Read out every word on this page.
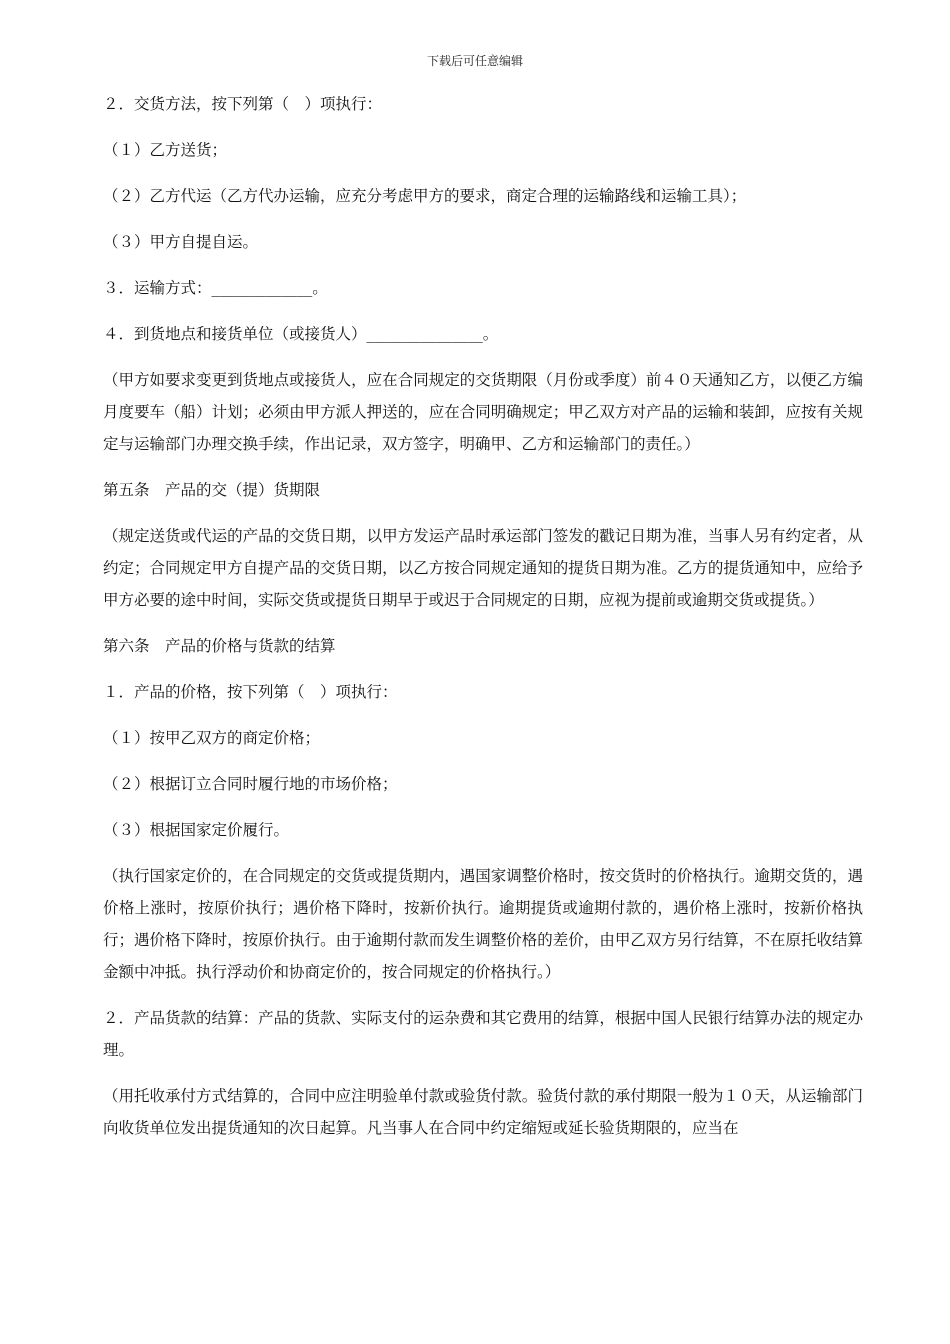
下载后可任意编辑
２．交货方法，按下列第（　）项执行：
（１）乙方送货；
（２）乙方代运（乙方代办运输，应充分考虑甲方的要求，商定合理的运输路线和运输工具）；
（３）甲方自提自运。
３．运输方式：_____________。
４．到货地点和接货单位（或接货人）_______________。
（甲方如要求变更到货地点或接货人，应在合同规定的交货期限（月份或季度）前４０天通知乙方，以便乙方编月度要车（船）计划；必须由甲方派人押送的，应在合同明确规定；甲乙双方对产品的运输和装卸，应按有关规定与运输部门办理交换手续，作出记录，双方签字，明确甲、乙方和运输部门的责任。）
第五条　产品的交（提）货期限
（规定送货或代运的产品的交货日期，以甲方发运产品时承运部门签发的戳记日期为准，当事人另有约定者，从约定；合同规定甲方自提产品的交货日期，以乙方按合同规定通知的提货日期为准。乙方的提货通知中，应给予甲方必要的途中时间，实际交货或提货日期早于或迟于合同规定的日期，应视为提前或逾期交货或提货。）
第六条　产品的价格与货款的结算
１．产品的价格，按下列第（　）项执行：
（１）按甲乙双方的商定价格；
（２）根据订立合同时履行地的市场价格；
（３）根据国家定价履行。
（执行国家定价的，在合同规定的交货或提货期内，遇国家调整价格时，按交货时的价格执行。逾期交货的，遇价格上涨时，按原价执行；遇价格下降时，按新价执行。逾期提货或逾期付款的，遇价格上涨时，按新价格执行；遇价格下降时，按原价执行。由于逾期付款而发生调整价格的差价，由甲乙双方另行结算，不在原托收结算金额中冲抵。执行浮动价和协商定价的，按合同规定的价格执行。）
２．产品货款的结算：产品的货款、实际支付的运杂费和其它费用的结算，根据中国人民银行结算办法的规定办理。
（用托收承付方式结算的，合同中应注明验单付款或验货付款。验货付款的承付期限一般为１０天，从运输部门向收货单位发出提货通知的次日起算。凡当事人在合同中约定缩短或延长验货期限的，应当在
